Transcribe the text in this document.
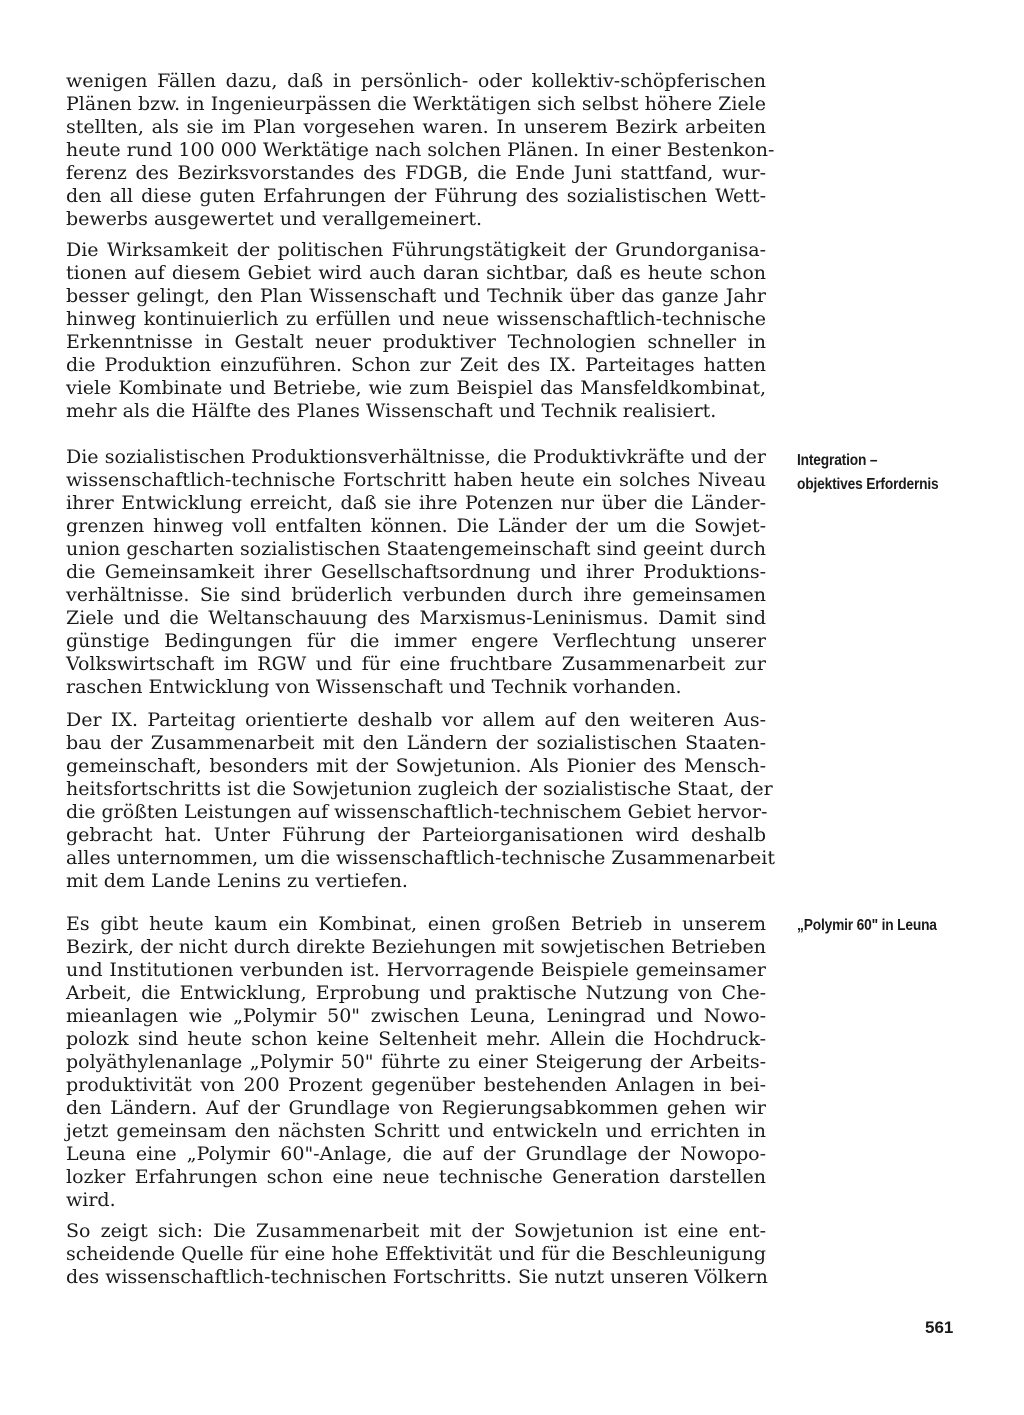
wenigen Fällen dazu, daß in persönlich- oder kollektiv-schöpferischen
Plänen bzw. in Ingenieurpässen die Werktätigen sich selbst höhere Ziele
stellten, als sie im Plan vorgesehen waren. In unserem Bezirk arbeiten
heute rund 100 000 Werktätige nach solchen Plänen. In einer Bestenkon-
ferenz des Bezirksvorstandes des FDGB, die Ende Juni stattfand, wur-
den all diese guten Erfahrungen der Führung des sozialistischen Wett-
bewerbs ausgewertet und verallgemeinert.
Die Wirksamkeit der politischen Führungstätigkeit der Grundorganisa-
tionen auf diesem Gebiet wird auch daran sichtbar, daß es heute schon
besser gelingt, den Plan Wissenschaft und Technik über das ganze Jahr
hinweg kontinuierlich zu erfüllen und neue wissenschaftlich-technische
Erkenntnisse in Gestalt neuer produktiver Technologien schneller in
die Produktion einzuführen. Schon zur Zeit des IX. Parteitages hatten
viele Kombinate und Betriebe, wie zum Beispiel das Mansfeldkombinat,
mehr als die Hälfte des Planes Wissenschaft und Technik realisiert.
Die sozialistischen Produktionsverhältnisse, die Produktivkräfte und der
wissenschaftlich-technische Fortschritt haben heute ein solches Niveau
ihrer Entwicklung erreicht, daß sie ihre Potenzen nur über die Länder-
grenzen hinweg voll entfalten können. Die Länder der um die Sowjet-
union gescharten sozialistischen Staatengemeinschaft sind geeint durch
die Gemeinsamkeit ihrer Gesellschaftsordnung und ihrer Produktions-
verhältnisse. Sie sind brüderlich verbunden durch ihre gemeinsamen
Ziele und die Weltanschauung des Marxismus-Leninismus. Damit sind
günstige Bedingungen für die immer engere Verflechtung unserer
Volkswirtschaft im RGW und für eine fruchtbare Zusammenarbeit zur
raschen Entwicklung von Wissenschaft und Technik vorhanden.
Der IX. Parteitag orientierte deshalb vor allem auf den weiteren Aus-
bau der Zusammenarbeit mit den Ländern der sozialistischen Staaten-
gemeinschaft, besonders mit der Sowjetunion. Als Pionier des Mensch-
heitsfortschritts ist die Sowjetunion zugleich der sozialistische Staat, der
die größten Leistungen auf wissenschaftlich-technischem Gebiet hervor-
gebracht hat. Unter Führung der Parteiorganisationen wird deshalb
alles unternommen, um die wissenschaftlich-technische Zusammenarbeit
mit dem Lande Lenins zu vertiefen.
Es gibt heute kaum ein Kombinat, einen großen Betrieb in unserem
Bezirk, der nicht durch direkte Beziehungen mit sowjetischen Betrieben
und Institutionen verbunden ist. Hervorragende Beispiele gemeinsamer
Arbeit, die Entwicklung, Erprobung und praktische Nutzung von Che-
mieanlagen wie „Polymir 50" zwischen Leuna, Leningrad und Nowo-
polozk sind heute schon keine Seltenheit mehr. Allein die Hochdruck-
polyäthylenanlage „Polymir 50" führte zu einer Steigerung der Arbeits-
produktivität von 200 Prozent gegenüber bestehenden Anlagen in bei-
den Ländern. Auf der Grundlage von Regierungsabkommen gehen wir
jetzt gemeinsam den nächsten Schritt und entwickeln und errichten in
Leuna eine „Polymir 60"-Anlage, die auf der Grundlage der Nowopo-
lozker Erfahrungen schon eine neue technische Generation darstellen
wird.
So zeigt sich: Die Zusammenarbeit mit der Sowjetunion ist eine ent-
scheidende Quelle für eine hohe Effektivität und für die Beschleunigung
des wissenschaftlich-technischen Fortschritts. Sie nutzt unseren Völkern
Integration –
objektives Erfordernis
„Polymir 60" in Leuna
561
